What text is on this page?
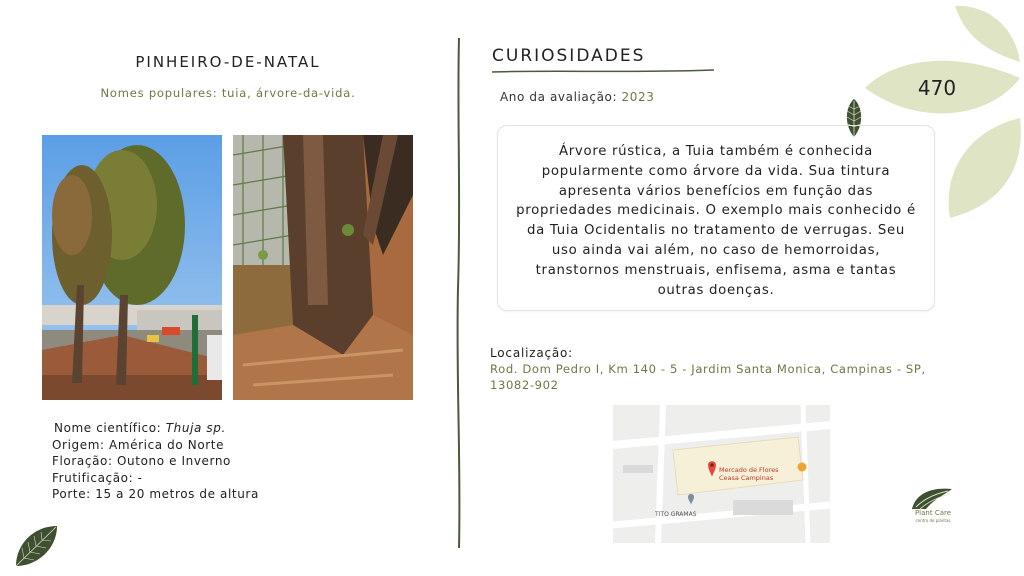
470
PINHEIRO-DE-NATAL
Nomes populares: tuia, árvore-da-vida.
Nome científico: Thuja sp.
Origem: América do Norte
Floração: Outono e Inverno
Frutificação: -
Porte: 15 a 20 metros de altura
CURIOSIDADES
Ano da avaliação: 2023
Árvore rústica, a Tuia também é conhecida popularmente como árvore da vida. Sua tintura apresenta vários benefícios em função das propriedades medicinais. O exemplo mais conhecido é da Tuia Ocidentalis no tratamento de verrugas. Seu uso ainda vai além, no caso de hemorroidas, transtornos menstruais, enfisema, asma e tantas outras doenças.
Localização:
Rod. Dom Pedro I, Km 140 - 5 - Jardim Santa Monica, Campinas - SP, 13082-902
Mercado de Flores
Ceasa Campinas
TITO GRAMAS	Plant Care
centro de plantas
